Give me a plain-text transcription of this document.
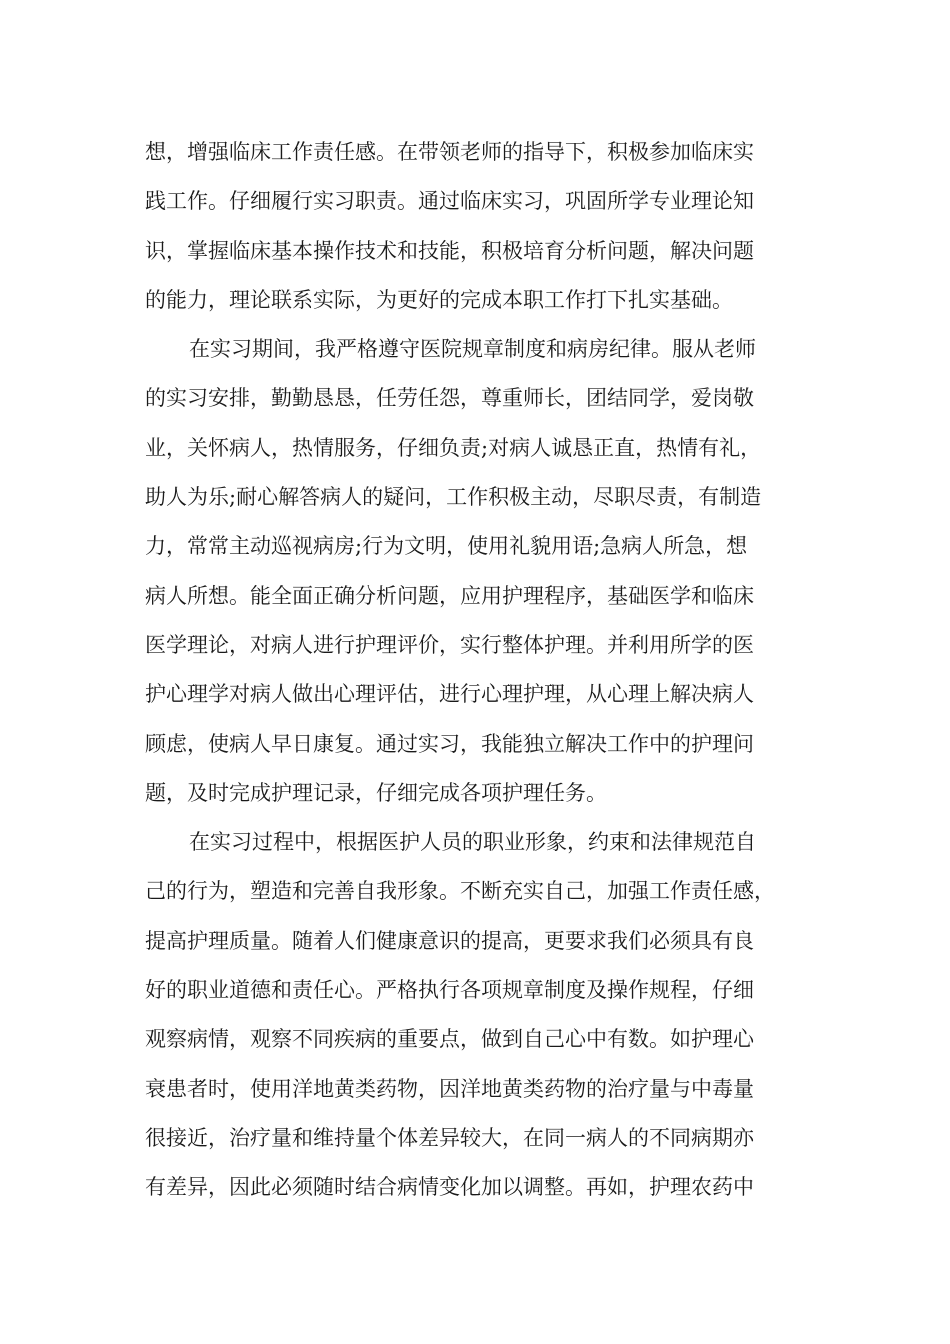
想，增强临床工作责任感。在带领老师的指导下，积极参加临床实
践工作。仔细履行实习职责。通过临床实习，巩固所学专业理论知
识，掌握临床基本操作技术和技能，积极培育分析问题，解决问题
的能力，理论联系实际，为更好的完成本职工作打下扎实基础。
在实习期间，我严格遵守医院规章制度和病房纪律。服从老师
的实习安排，勤勤恳恳，任劳任怨，尊重师长，团结同学，爱岗敬
业，关怀病人，热情服务，仔细负责;对病人诚恳正直，热情有礼，
助人为乐;耐心解答病人的疑问，工作积极主动，尽职尽责，有制造
力，常常主动巡视病房;行为文明，使用礼貌用语;急病人所急，想
病人所想。能全面正确分析问题，应用护理程序，基础医学和临床
医学理论，对病人进行护理评价，实行整体护理。并利用所学的医
护心理学对病人做出心理评估，进行心理护理，从心理上解决病人
顾虑，使病人早日康复。通过实习，我能独立解决工作中的护理问
题，及时完成护理记录，仔细完成各项护理任务。
在实习过程中，根据医护人员的职业形象，约束和法律规范自
己的行为，塑造和完善自我形象。不断充实自己，加强工作责任感，
提高护理质量。随着人们健康意识的提高，更要求我们必须具有良
好的职业道德和责任心。严格执行各项规章制度及操作规程，仔细
观察病情，观察不同疾病的重要点，做到自己心中有数。如护理心
衰患者时，使用洋地黄类药物，因洋地黄类药物的治疗量与中毒量
很接近，治疗量和维持量个体差异较大，在同一病人的不同病期亦
有差异，因此必须随时结合病情变化加以调整。再如，护理农药中
